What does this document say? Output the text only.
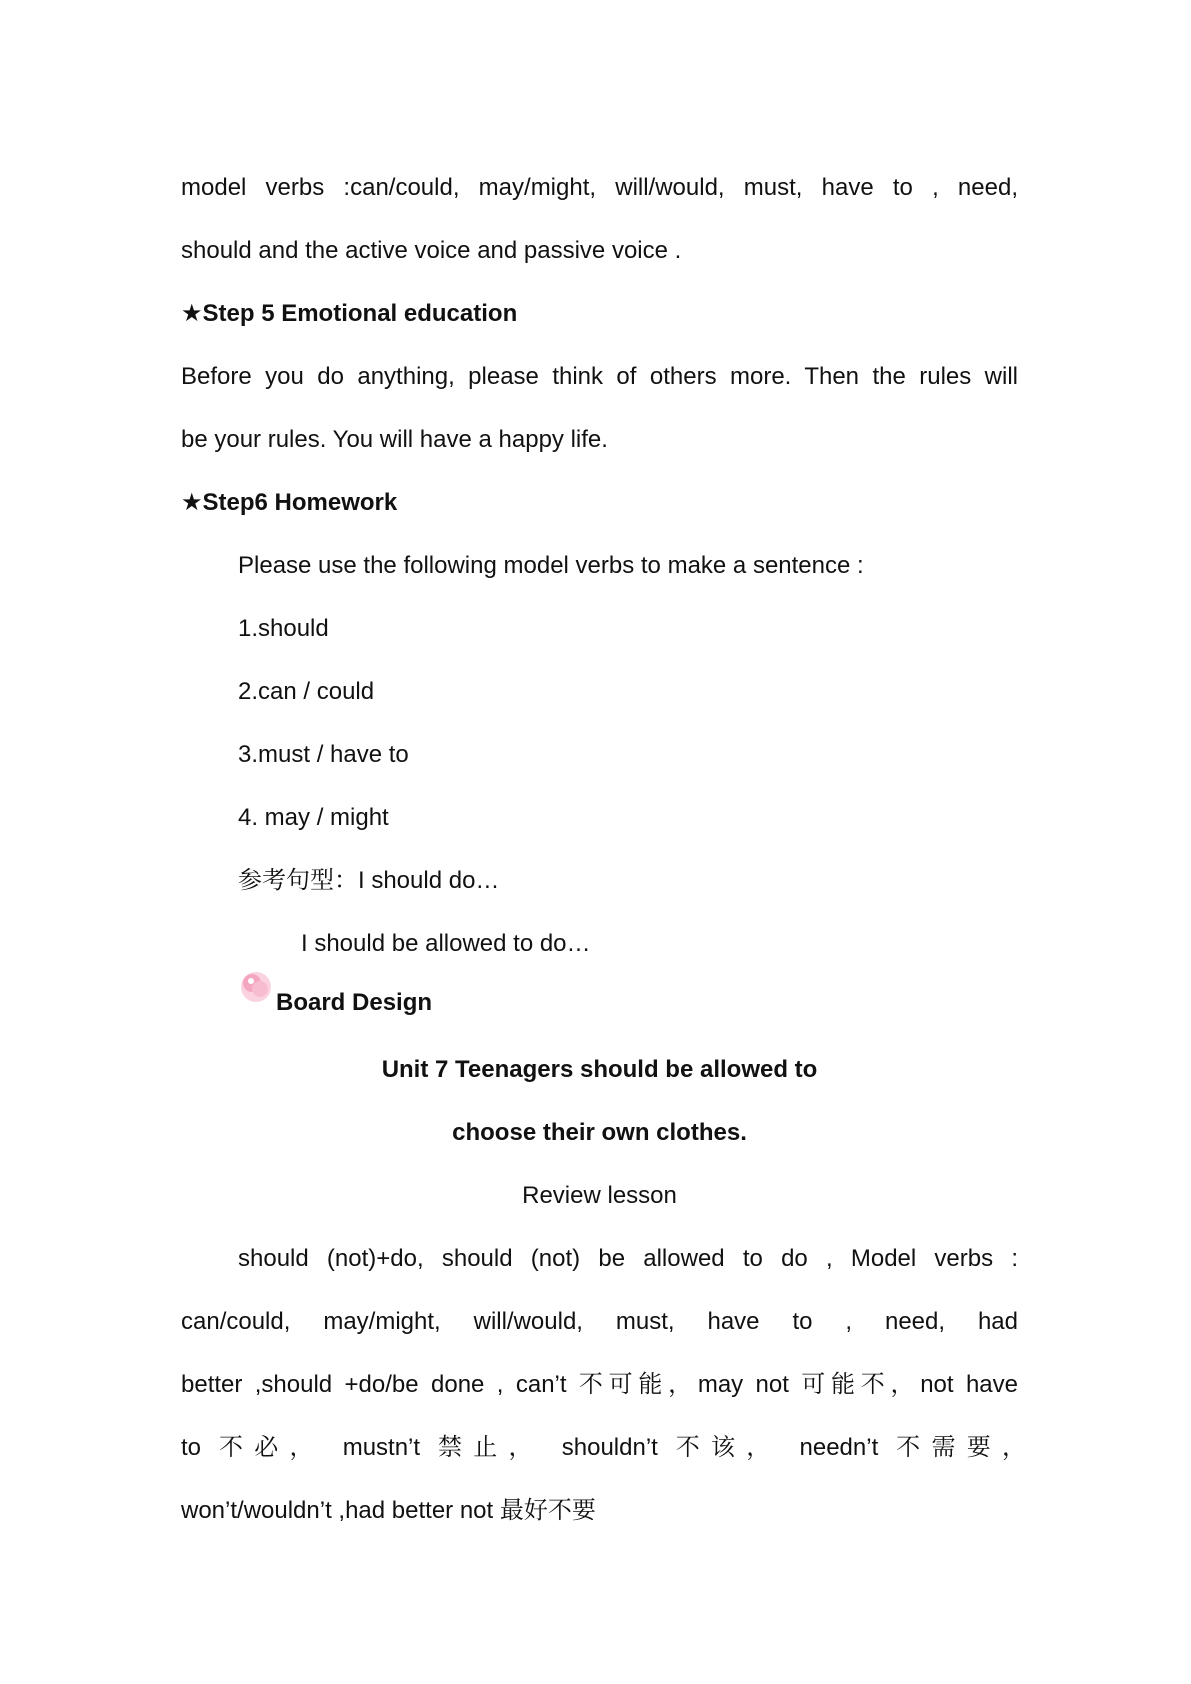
model verbs :can/could, may/might, will/would, must, have to , need,
should and the active voice and passive voice .
★Step 5 Emotional education
Before you do anything, please think of others more. Then the rules will
be your rules. You will have a happy life.
★Step6 Homework
Please use the following model verbs to make a sentence :
1.should
2.can / could
3.must / have to
4. may / might
参考句型：I should do…
I should be allowed to do…
Board Design
Unit 7 Teenagers should be allowed to
choose their own clothes.
Review lesson
should (not)+do, should (not) be allowed to do , Model verbs :
can/could, may/might, will/would, must, have to , need, had
better ,should +do/be done , can’t 不可能，may not 可能不，not have
to 不必， mustn’t 禁止， shouldn’t 不该， needn’t 不需要，
won’t/wouldn’t ,had better not 最好不要
